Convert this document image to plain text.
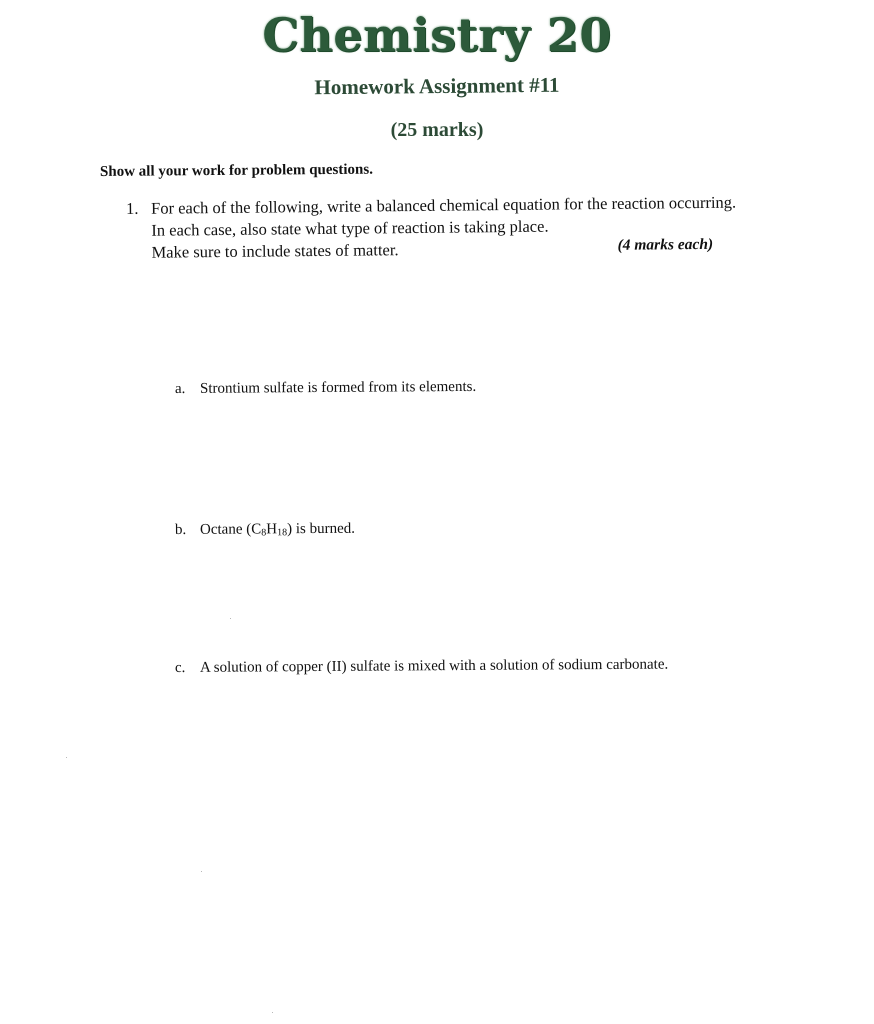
Chemistry 20
Homework Assignment #11
(25 marks)
Show all your work for problem questions.
1. For each of the following, write a balanced chemical equation for the reaction occurring.
In each case, also state what type of reaction is taking place.
Make sure to include states of matter.	(4 marks each)
a. Strontium sulfate is formed from its elements.
b. Octane $(C_8H_{18})$ is burned.
c. A solution of copper (II) sulfate is mixed with a solution of sodium carbonate.
